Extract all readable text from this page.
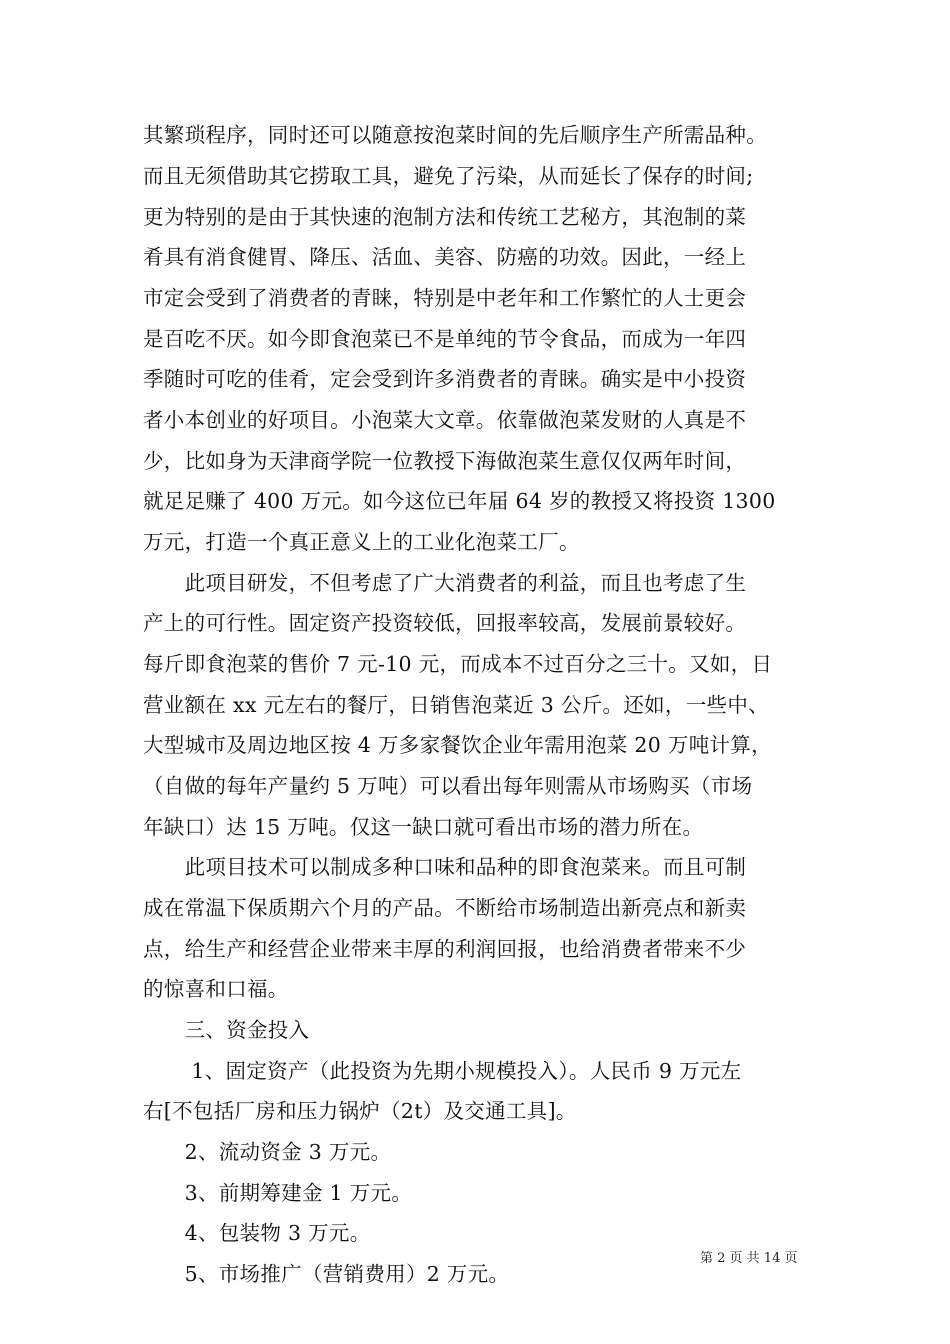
其繁琐程序，同时还可以随意按泡菜时间的先后顺序生产所需品种。
而且无须借助其它捞取工具，避免了污染，从而延长了保存的时间;
更为特别的是由于其快速的泡制方法和传统工艺秘方，其泡制的菜
肴具有消食健胃、降压、活血、美容、防癌的功效。因此，一经上
市定会受到了消费者的青睐，特别是中老年和工作繁忙的人士更会
是百吃不厌。如今即食泡菜已不是单纯的节令食品，而成为一年四
季随时可吃的佳肴，定会受到许多消费者的青睐。确实是中小投资
者小本创业的好项目。小泡菜大文章。依靠做泡菜发财的人真是不
少，比如身为天津商学院一位教授下海做泡菜生意仅仅两年时间，
就足足赚了 400 万元。如今这位已年届 64 岁的教授又将投资 1300
万元，打造一个真正意义上的工业化泡菜工厂。
　　此项目研发，不但考虑了广大消费者的利益，而且也考虑了生
产上的可行性。固定资产投资较低，回报率较高，发展前景较好。
每斤即食泡菜的售价 7 元-10 元，而成本不过百分之三十。又如，日
营业额在 xx 元左右的餐厅，日销售泡菜近 3 公斤。还如，一些中、
大型城市及周边地区按 4 万多家餐饮企业年需用泡菜 20 万吨计算，
（自做的每年产量约 5 万吨）可以看出每年则需从市场购买（市场
年缺口）达 15 万吨。仅这一缺口就可看出市场的潜力所在。
　　此项目技术可以制成多种口味和品种的即食泡菜来。而且可制
成在常温下保质期六个月的产品。不断给市场制造出新亮点和新卖
点，给生产和经营企业带来丰厚的利润回报，也给消费者带来不少
的惊喜和口福。
　　三、资金投入
　　 1、固定资产（此投资为先期小规模投入）。人民币 9 万元左
右[不包括厂房和压力锅炉（2t）及交通工具]。
　　2、流动资金 3 万元。
　　3、前期筹建金 1 万元。
　　4、包装物 3 万元。
　　5、市场推广（营销费用）2 万元。
第 2 页 共 14 页
